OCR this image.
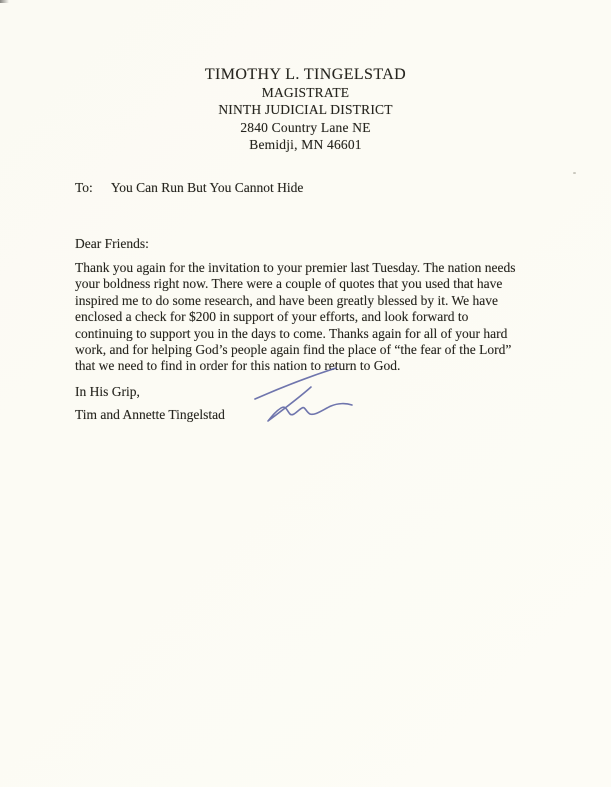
TIMOTHY L. TINGELSTAD
MAGISTRATE
NINTH JUDICIAL DISTRICT
2840 Country Lane NE
Bemidji, MN 46601
To: You Can Run But You Cannot Hide
Dear Friends:
Thank you again for the invitation to your premier last Tuesday. The nation needs
your boldness right now. There were a couple of quotes that you used that have
inspired me to do some research, and have been greatly blessed by it. We have
enclosed a check for $200 in support of your efforts, and look forward to
continuing to support you in the days to come. Thanks again for all of your hard
work, and for helping God’s people again find the place of “the fear of the Lord”
that we need to find in order for this nation to return to God.
In His Grip,
Tim and Annette Tingelstad
